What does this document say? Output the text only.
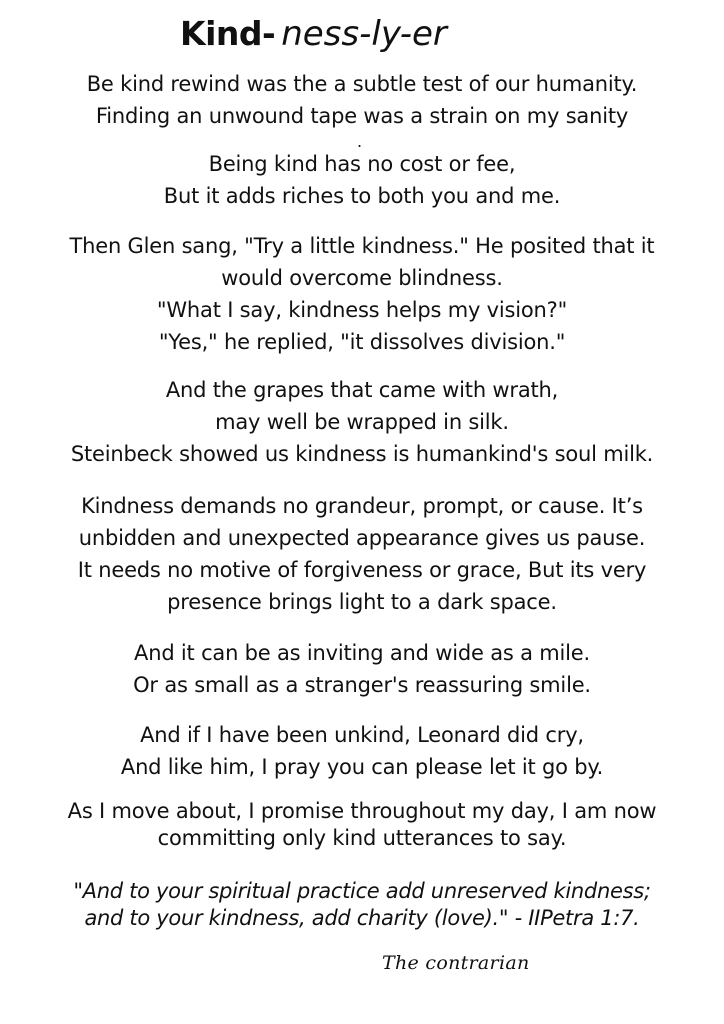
Kind- ness-ly-er
Be kind rewind was the a subtle test of our humanity.
Finding an unwound tape was a strain on my sanity
.
Being kind has no cost or fee,
But it adds riches to both you and me.
Then Glen sang, "Try a little kindness." He posited that it
would overcome blindness.
"What I say, kindness helps my vision?"
"Yes," he replied, "it dissolves division."
And the grapes that came with wrath,
may well be wrapped in silk.
Steinbeck showed us kindness is humankind's soul milk.
Kindness demands no grandeur, prompt, or cause. It’s
unbidden and unexpected appearance gives us pause.
It needs no motive of forgiveness or grace, But its very
presence brings light to a dark space.
And it can be as inviting and wide as a mile.
Or as small as a stranger's reassuring smile.
And if I have been unkind, Leonard did cry,
And like him, I pray you can please let it go by.
As I move about, I promise throughout my day, I am now
committing only kind utterances to say.
"And to your spiritual practice add unreserved kindness;
and to your kindness, add charity (love)." - IIPetra 1:7.
The contrarian
